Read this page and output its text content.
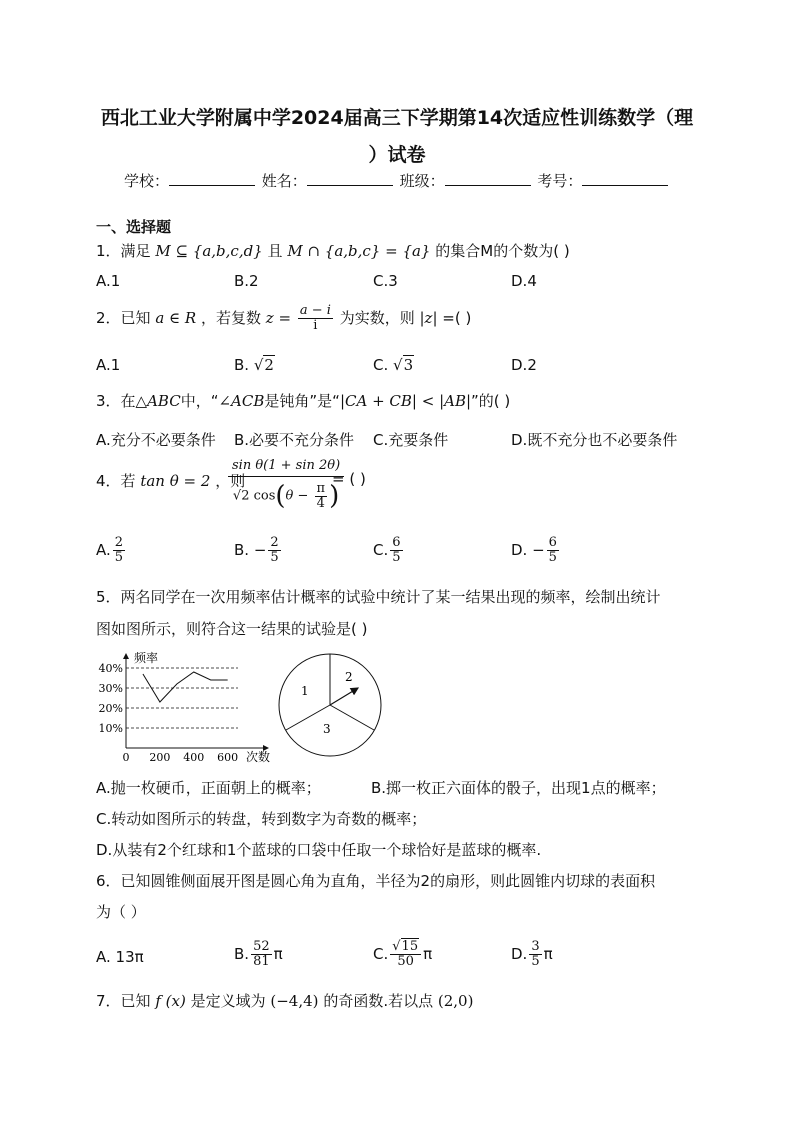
西北工业大学附属中学2024届高三下学期第14次适应性训练数学（理
）试卷
学校：	姓名：	班级：	考号：
一、选择题
1．满足 M ⊆ {a,b,c,d} 且 M ∩ {a,b,c} = {a} 的集合M的个数为( )
A.1	B.2	C.3	D.4
2．已知 a ∈ R ，若复数 $z = \frac{a - i}{i}$ 为实数，则 |z| =( )
A.1	B. √2	C. √3	D.2
3．在△ABC中，“∠ACB是钝角”是“|CA + CB| < |AB|”的( )
A.充分不必要条件 B.必要不充分条件 C.充要条件	D.既不充分也不必要条件
4．若 tan θ = 2 ，则
$\frac{\text{sin θ(1 + sin 2θ)}}{√2 \cos(\theta - \frac{\pi}{4} )}$
= ( )
A. $\frac{2}{5}$	B. − $\frac{2}{5}$	C. $\frac{6}{5}$	D. − $\frac{6}{5}$
5．两名同学在一次用频率估计概率的试验中统计了某一结果出现的频率，绘制出统计
图如图所示，则符合这一结果的试验是( )
频率
次数
10%
20%
30%
40%
0 200 400 600
1
2
3
A.抛一枚硬币，正面朝上的概率；	B.掷一枚正六面体的骰子，出现1点的概率；
C.转动如图所示的转盘，转到数字为奇数的概率；
D.从装有2个红球和1个蓝球的口袋中任取一个球恰好是蓝球的概率.
6．已知圆锥侧面展开图是圆心角为直角，半径为2的扇形，则此圆锥内切球的表面积
为（ ）
A. 13π	B. $\frac{52}{81}$ π	C. $\frac{√15}{50}$ π	D. $\frac{3}{5}$ π
7．已知 f (x) 是定义域为 (−4,4) 的奇函数.若以点 (2,0)
